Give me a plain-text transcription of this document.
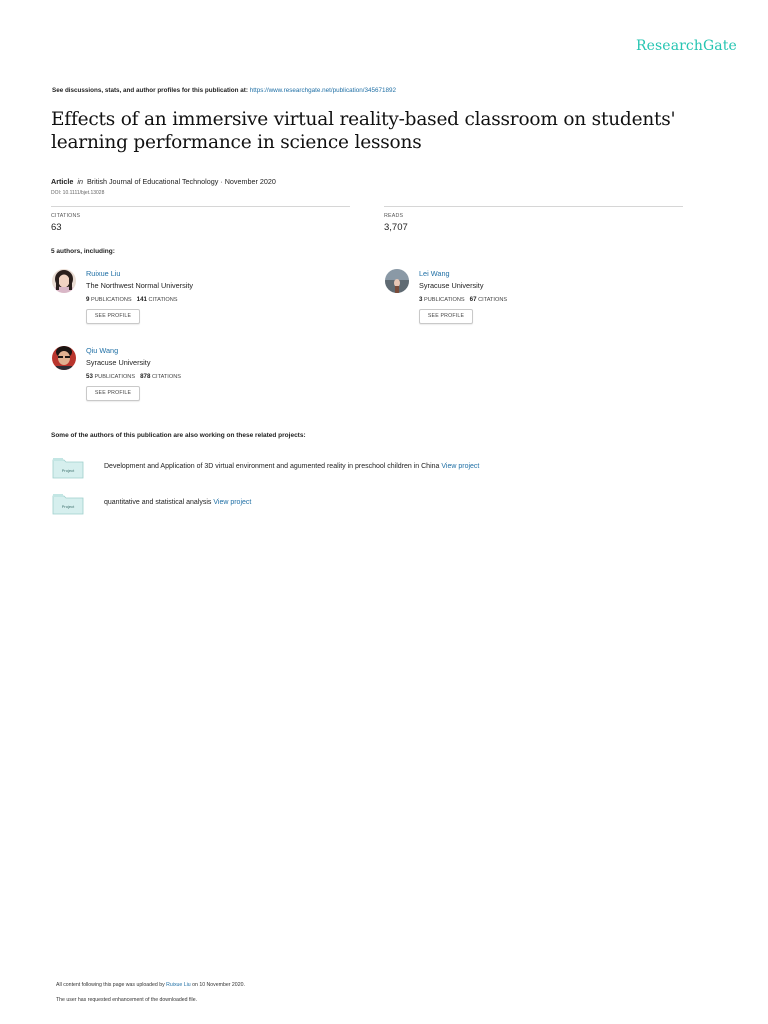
ResearchGate
See discussions, stats, and author profiles for this publication at: https://www.researchgate.net/publication/345671892
Effects of an immersive virtual reality-based classroom on students' learning performance in science lessons
Article in British Journal of Educational Technology · November 2020
DOI: 10.1111/bjet.13028
CITATIONS
63
READS
3,707
5 authors, including:
Ruixue Liu
The Northwest Normal University
9 PUBLICATIONS 141 CITATIONS
SEE PROFILE
Lei Wang
Syracuse University
3 PUBLICATIONS 67 CITATIONS
SEE PROFILE
Qiu Wang
Syracuse University
53 PUBLICATIONS 878 CITATIONS
SEE PROFILE
Some of the authors of this publication are also working on these related projects:
Project
Development and Application of 3D virtual environment and agumented reality in preschool children in China View project
Project
quantitative and statistical analysis View project
All content following this page was uploaded by Ruixue Liu on 10 November 2020.
The user has requested enhancement of the downloaded file.
